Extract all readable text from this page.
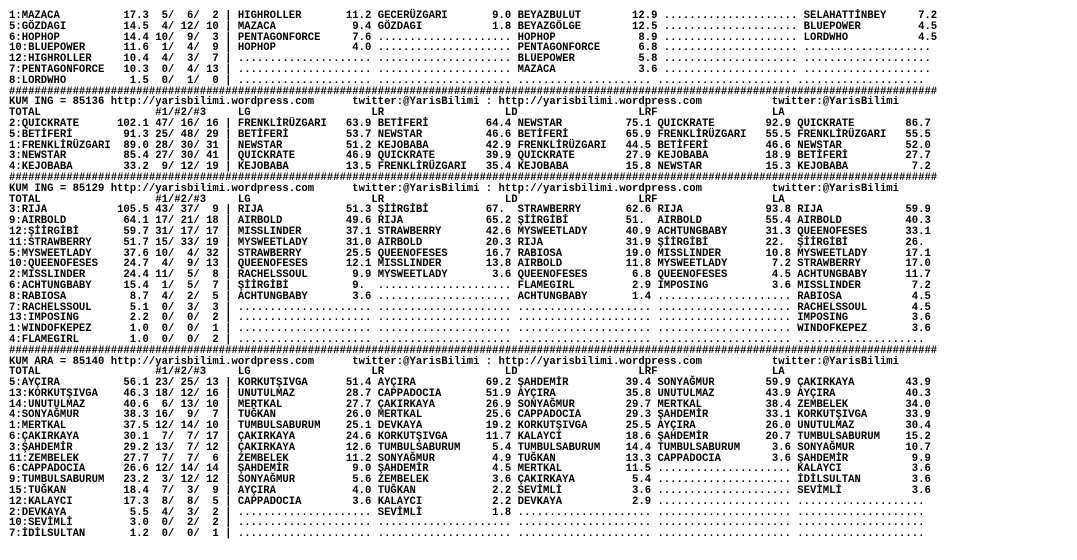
1:MAZACA          17.3  5/  6/  2 | HIGHROLLER       11.2 GECERÜZGARI       9.0 BEYAZBULUT        12.9 ..................... SELAHATTİNBEY     7.2
5:GÖZDAGI         14.5  4/ 12/ 10 | MAZACA            9.4 GÖZDAGI           1.8 BEYAZGÖLGE        12.5 ..................... BLUEPOWER         4.5
6:HOPHOP          14.4 10/  9/  3 | PENTAGONFORCE     7.6 ..................... HOPHOP             8.9 ..................... LORDWHO           4.5
10:BLUEPOWER      11.6  1/  4/  9 | HOPHOP            4.0 ..................... PENTAGONFORCE      6.8 ..................... ....................
12:HIGHROLLER     10.4  4/  3/  7 | ..................... ..................... BLUEPOWER          5.8 ..................... ....................
7:PENTAGONFORCE   10.3  0/  4/ 13 | ..................... ..................... MAZACA             3.6 ..................... ....................
8:LORDWHO          1.5  0/  1/  0 | ..................... ..................... ..................... ..................... ....................
##################################################################################################################################################
KUM ING = 85136 http://yarisbilimi.wordpress.com      twitter:@YarisBilimi : http://yarisbilimi.wordpress.com           twitter:@YarisBilimi
TOTAL                  #1/#2/#3     LG                   LR                   LD                   LRF                  LA
2:QUICKRATE      102.1 47/ 16/ 16 | FRENKLİRÜZGARI   63.9 BETİFERİ         64.4 NEWSTAR          75.1 QUICKRATE        92.9 QUICKRATE        86.7
5:BETİFERİ        91.3 25/ 48/ 29 | BETİFERİ         53.7 NEWSTAR          46.6 BETİFERİ         65.9 FRENKLİRÜZGARI   55.5 FRENKLİRÜZGARI   55.5
1:FRENKLİRÜZGARI  89.0 28/ 30/ 31 | NEWSTAR          51.2 KEJOBABA         42.9 FRENKLİRÜZGARI   44.5 BETİFERİ         46.6 NEWSTAR          52.0
3:NEWSTAR         85.4 27/ 30/ 41 | QUICKRATE        46.9 QUICKRATE        39.9 QUICKRATE        27.9 KEJOBABA         18.9 BETİFERİ         27.7
4:KEJOBABA        33.2  9/ 12/ 19 | KEJOBABA         13.5 FRENKLİRÜZGARI   35.4 KEJOBABA         15.8 NEWSTAR          15.3 KEJOBABA          7.2
##################################################################################################################################################
KUM ING = 85129 http://yarisbilimi.wordpress.com      twitter:@YarisBilimi : http://yarisbilimi.wordpress.com           twitter:@YarisBilimi
TOTAL                  #1/#2/#3     LG                   LR                   LD                   LRF                  LA
3:RIJA           105.5 43/ 37/  9 | RIJA             51.3 ŞİİRGİBİ         67.  STRAWBERRY       62.6 RIJA             93.8 RIJA             59.9
9:AIRBOLD         64.1 17/ 21/ 18 | AIRBOLD          49.6 RIJA             65.2 ŞİİRGİBİ         51.  AIRBOLD          55.4 AIRBOLD          40.3
12:ŞİİRGİBİ       59.7 31/ 17/ 17 | MISSLINDER       37.1 STRAWBERRY       42.6 MYSWEETLADY      40.9 ACHTUNGBABY      31.3 QUEENOFESES      33.1
11:STRAWBERRY     51.7 15/ 33/ 19 | MYSWEETLADY      31.0 AIRBOLD          20.3 RIJA             31.9 ŞİİRGİBİ         22.  ŞİİRGİBİ         26.
5:MYSWEETLADY     37.6 10/  4/ 32 | STRAWBERRY       25.5 QUEENOFESES      16.7 RABIOSA          19.0 MISSLINDER       10.8 MYSWEETLADY      17.1
10:QUEENOFESES    24.7  4/  9/ 13 | QUEENOFESES      12.1 MISSLINDER       13.8 AIRBOLD          11.8 MYSWEETLADY       7.2 STRAWBERRY       17.0
2:MISSLINDER      24.4 11/  5/  8 | RACHELSSOUL       9.9 MYSWEETLADY       3.6 QUEENOFESES       6.8 QUEENOFESES       4.5 ACHTUNGBABY      11.7
6:ACHTUNGBABY     15.4  1/  5/  7 | ŞİİRGİBİ          9.  ..................... FLAMEGIRL         2.9 IMPOSING          3.6 MISSLINDER        7.2
8:RABIOSA          8.7  4/  2/  5 | ACHTUNGBABY       3.6 ..................... ACHTUNGBABY       1.4 ..................... RABIOSA           4.5
7:RACHELSSOUL      5.1  0/  3/  3 | ..................... ..................... ..................... ..................... RACHELSSOUL       4.5
13:IMPOSING        2.2  0/  0/  2 | ..................... ..................... ..................... ..................... IMPOSING          3.6
1:WINDOFKEPEZ      1.0  0/  0/  1 | ..................... ..................... ..................... ..................... WINDOFKEPEZ       3.6
4:FLAMEGIRL        1.0  0/  0/  2 | ..................... ..................... ..................... ..................... ....................
##################################################################################################################################################
KUM ARA = 85140 http://yarisbilimi.wordpress.com      twitter:@YarisBilimi : http://yarisbilimi.wordpress.com           twitter:@YarisBilimi
TOTAL                  #1/#2/#3     LG                   LR                   LD                   LRF                  LA
5:AYÇIRA          56.1 23/ 25/ 13 | KORKUTŞIVGA      51.4 AYÇIRA           69.2 ŞAHDEMİR         39.4 SONYAĞMUR        59.9 ÇAKIRKAYA        43.9
13:KORKUTŞIVGA    46.3 18/ 12/ 16 | UNUTULMAZ        28.7 CAPPADOCIA       51.9 AYÇIRA           35.8 UNUTULMAZ        43.9 AYÇIRA           40.3
14:UNUTULMAZ      40.6  6/ 13/ 10 | MERTKAL          27.7 ÇAKIRKAYA        26.9 SONYAĞMUR        29.7 MERTKAL          38.4 ZEMBELEK         34.0
4:SONYAĞMUR       38.3 16/  9/  7 | TUĞKAN           26.0 MERTKAL          25.6 CAPPADOCIA       29.3 ŞAHDEMİR         33.1 KORKUTŞIVGA      33.9
1:MERTKAL         37.5 12/ 14/ 10 | TUMBULSABURUM    25.1 DEVKAYA          19.2 KORKUTŞIVGA      25.5 AYÇIRA           26.0 UNUTULMAZ        30.4
6:ÇAKIRKAYA       30.1  7/  7/ 17 | ÇAKIRKAYA        24.6 KORKUTŞIVGA      11.7 KALAYCI          18.6 ŞAHDEMİR         20.7 TUMBULSABURUM    15.2
3:ŞAHDEMİR        29.2 13/  7/ 12 | ÇAKIRKAYA        12.6 TUMBULSABURUM     5.4 TUMBULSABURUM    14.4 TUMBULSABURUM     3.6 SONYAĞMUR        10.7
11:ZEMBELEK       27.7  7/  7/  6 | ZEMBELEK         11.2 SONYAĞMUR         4.9 TUĞKAN           13.3 CAPPADOCIA        3.6 ŞAHDEMİR          9.9
6:CAPPADOCIA      26.6 12/ 14/ 14 | ŞAHDEMİR          9.0 ŞAHDEMİR          4.5 MERTKAL          11.5 ..................... KALAYCI           3.6
9:TUMBULSABURUM   23.2  3/ 12/ 12 | SONYAĞMUR         5.6 ZEMBELEK          3.6 ÇAKIRKAYA         5.4 ..................... İDİLSULTAN        3.6
15:TUĞKAN         18.4  7/  3/  9 | AYÇIRA            4.0 TUĞKAN            2.2 SEVİMLİ           3.6 ..................... SEVİMLİ           3.6
12:KALAYCI        17.3  8/  8/  5 | CAPPADOCIA        3.6 KALAYCI           2.2 DEVKAYA           2.9 ..................... ....................
2:DEVKAYA          5.5  4/  3/  2 | ..................... SEVİMLİ           1.8 ..................... ..................... ....................
10:SEVİMLİ         3.0  0/  2/  2 | ..................... ..................... ..................... ..................... ....................
7:İDİLSULTAN       1.2  0/  0/  1 | ..................... ..................... ..................... ..................... ....................
